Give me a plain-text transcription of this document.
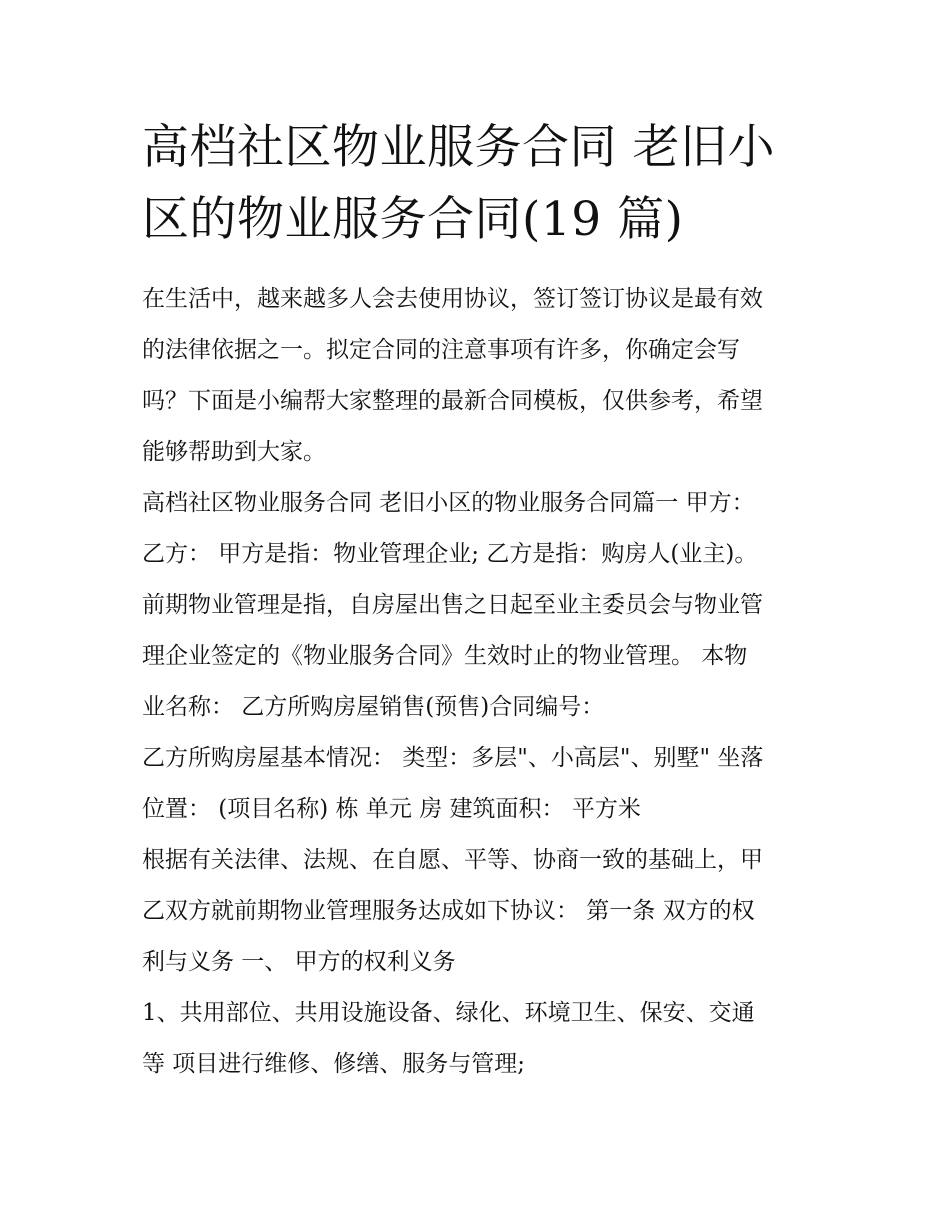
高档社区物业服务合同 老旧小
区的物业服务合同(19 篇)

在生活中，越来越多人会去使用协议，签订签订协议是最有效
的法律依据之一。拟定合同的注意事项有许多，你确定会写
吗？下面是小编帮大家整理的最新合同模板，仅供参考，希望
能够帮助到大家。

高档社区物业服务合同 老旧小区的物业服务合同篇一 甲方：
乙方： 甲方是指：物业管理企业; 乙方是指：购房人(业主)。
前期物业管理是指，自房屋出售之日起至业主委员会与物业管
理企业签定的《物业服务合同》生效时止的物业管理。 本物
业名称： 乙方所购房屋销售(预售)合同编号：

乙方所购房屋基本情况： 类型：多层"、小高层"、别墅" 坐落
位置： (项目名称) 栋 单元 房 建筑面积： 平方米

根据有关法律、法规、在自愿、平等、协商一致的基础上，甲
乙双方就前期物业管理服务达成如下协议： 第一条 双方的权
利与义务 一、 甲方的权利义务

1、共用部位、共用设施设备、绿化、环境卫生、保安、交通
等 项目进行维修、修缮、服务与管理;
